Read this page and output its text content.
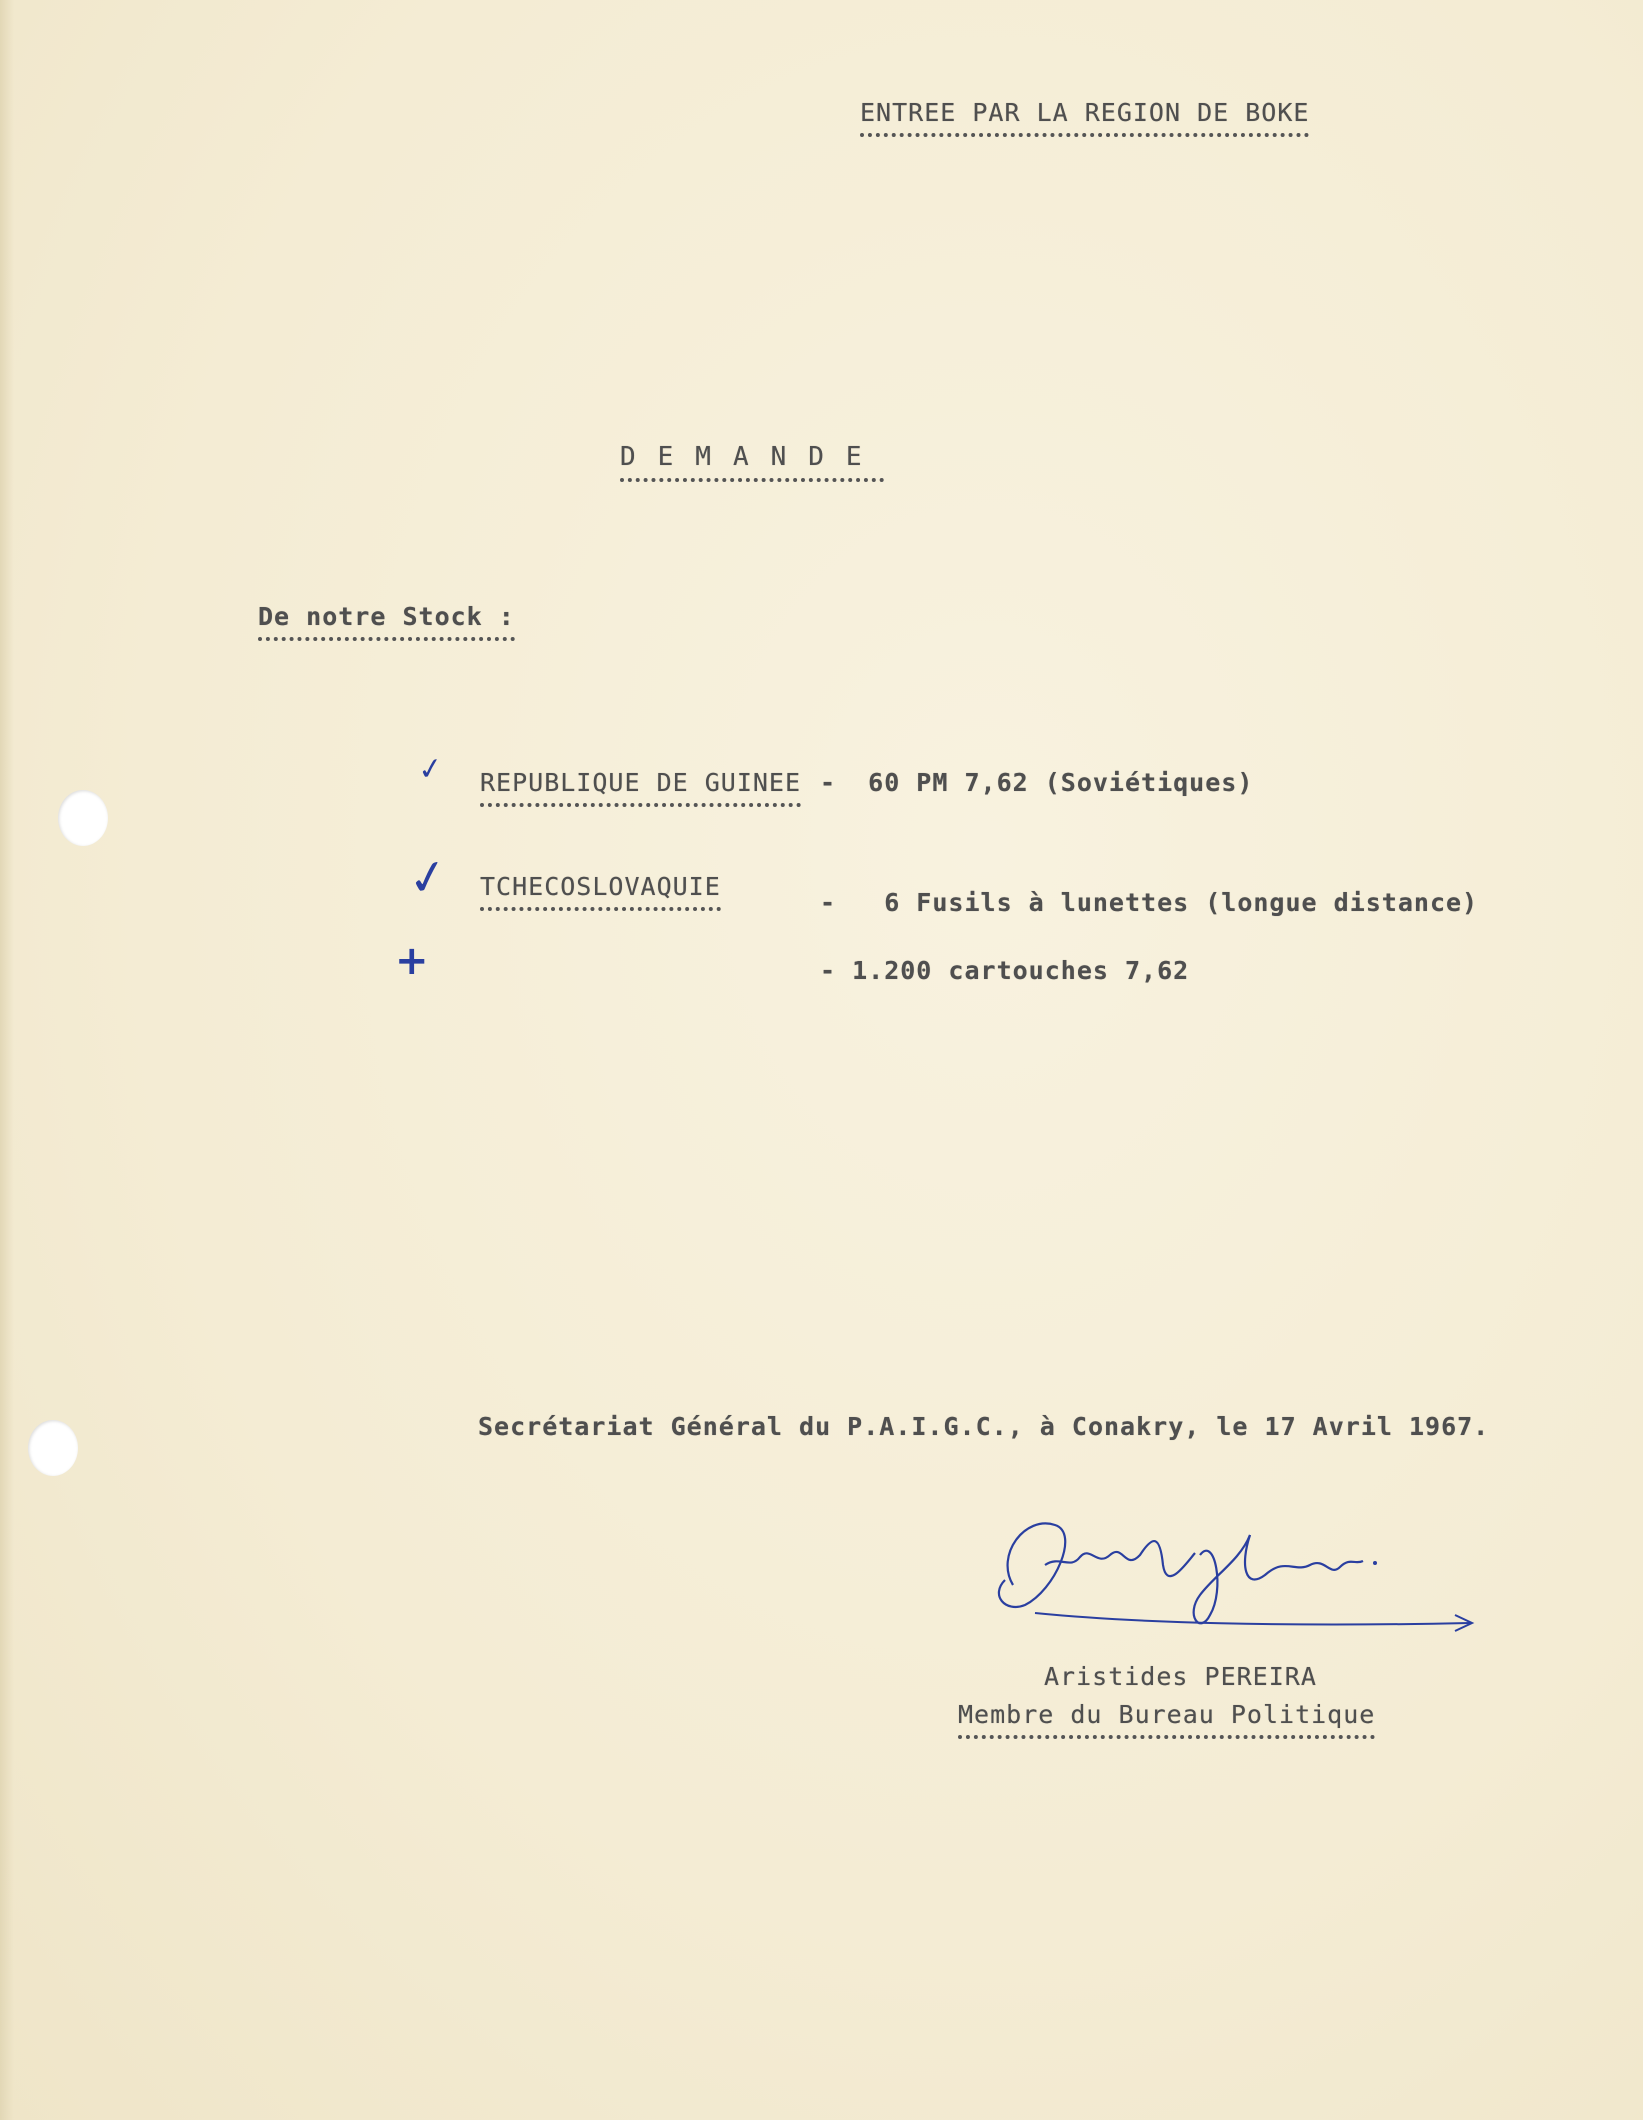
ENTREE PAR LA REGION DE BOKE
DEMANDE
De notre Stock :
REPUBLIQUE DE GUINEE -  60 PM 7,62 (Soviétiques)
TCHECOSLOVAQUIE
-   6 Fusils à lunettes (longue distance)
- 1.200 cartouches 7,62
✓
✓
+
Secrétariat Général du P.A.I.G.C., à Conakry, le 17 Avril 1967.
Aristides PEREIRA
Membre du Bureau Politique
